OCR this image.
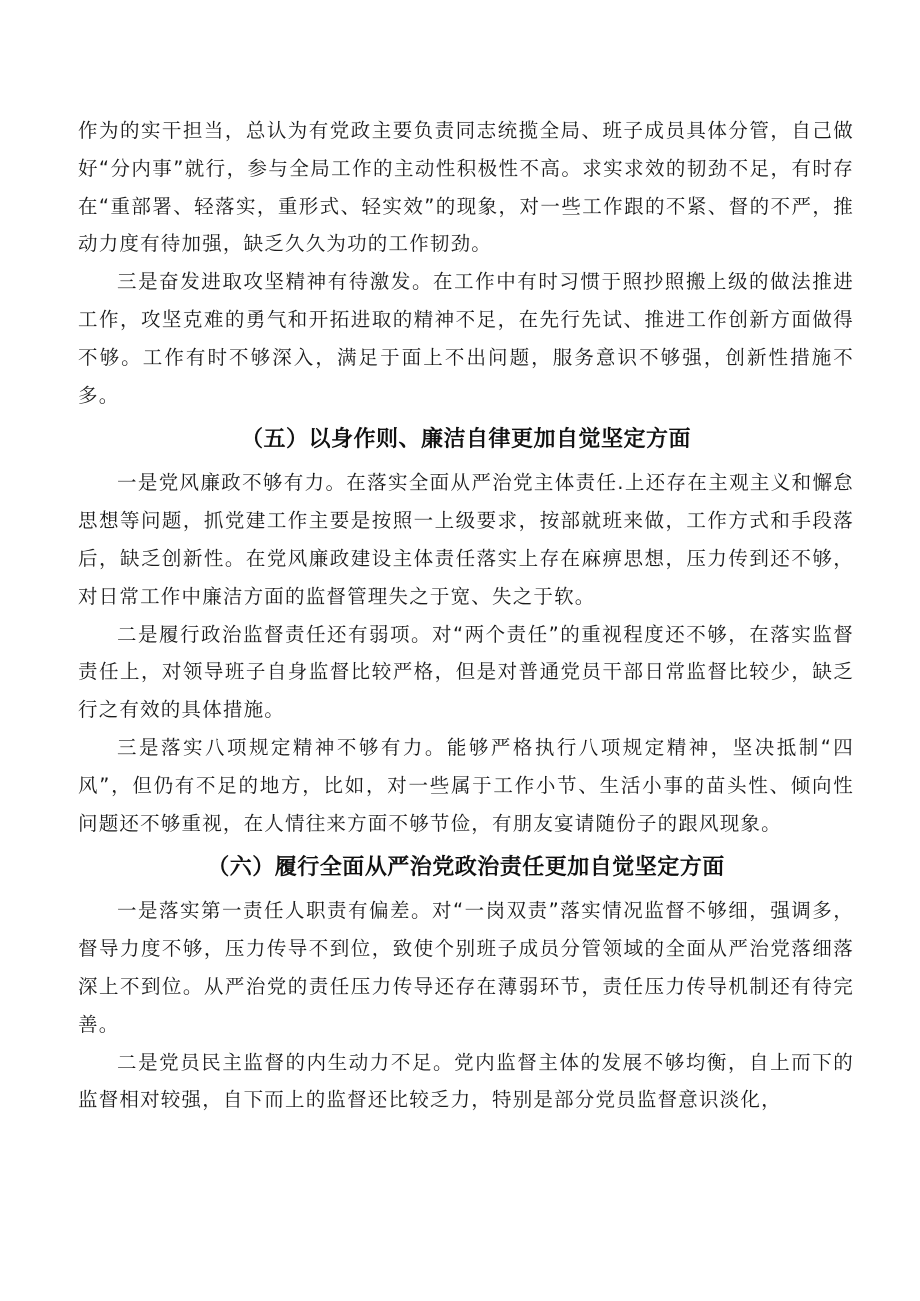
作为的实干担当，总认为有党政主要负责同志统揽全局、班子成员具体分管，自己做好“分内事”就行，参与全局工作的主动性积极性不高。求实求效的韧劲不足，有时存在“重部署、轻落实，重形式、轻实效”的现象，对一些工作跟的不紧、督的不严，推动力度有待加强，缺乏久久为功的工作韧劲。

三是奋发进取攻坚精神有待激发。在工作中有时习惯于照抄照搬上级的做法推进工作，攻坚克难的勇气和开拓进取的精神不足，在先行先试、推进工作创新方面做得不够。工作有时不够深入，满足于面上不出问题，服务意识不够强，创新性措施不多。

（五）以身作则、廉洁自律更加自觉坚定方面

一是党风廉政不够有力。在落实全面从严治党主体责任.上还存在主观主义和懈怠思想等问题，抓党建工作主要是按照一上级要求，按部就班来做，工作方式和手段落后，缺乏创新性。在党风廉政建设主体责任落实上存在麻痹思想，压力传到还不够，对日常工作中廉洁方面的监督管理失之于宽、失之于软。

二是履行政治监督责任还有弱项。对“两个责任”的重视程度还不够，在落实监督责任上，对领导班子自身监督比较严格，但是对普通党员干部日常监督比较少，缺乏行之有效的具体措施。

三是落实八项规定精神不够有力。能够严格执行八项规定精神，坚决抵制“四风”，但仍有不足的地方，比如，对一些属于工作小节、生活小事的苗头性、倾向性问题还不够重视，在人情往来方面不够节俭，有朋友宴请随份子的跟风现象。

（六）履行全面从严治党政治责任更加自觉坚定方面

一是落实第一责任人职责有偏差。对“一岗双责”落实情况监督不够细，强调多，督导力度不够，压力传导不到位，致使个别班子成员分管领域的全面从严治党落细落深上不到位。从严治党的责任压力传导还存在薄弱环节，责任压力传导机制还有待完善。

二是党员民主监督的内生动力不足。党内监督主体的发展不够均衡，自上而下的监督相对较强，自下而上的监督还比较乏力，特别是部分党员监督意识淡化，
